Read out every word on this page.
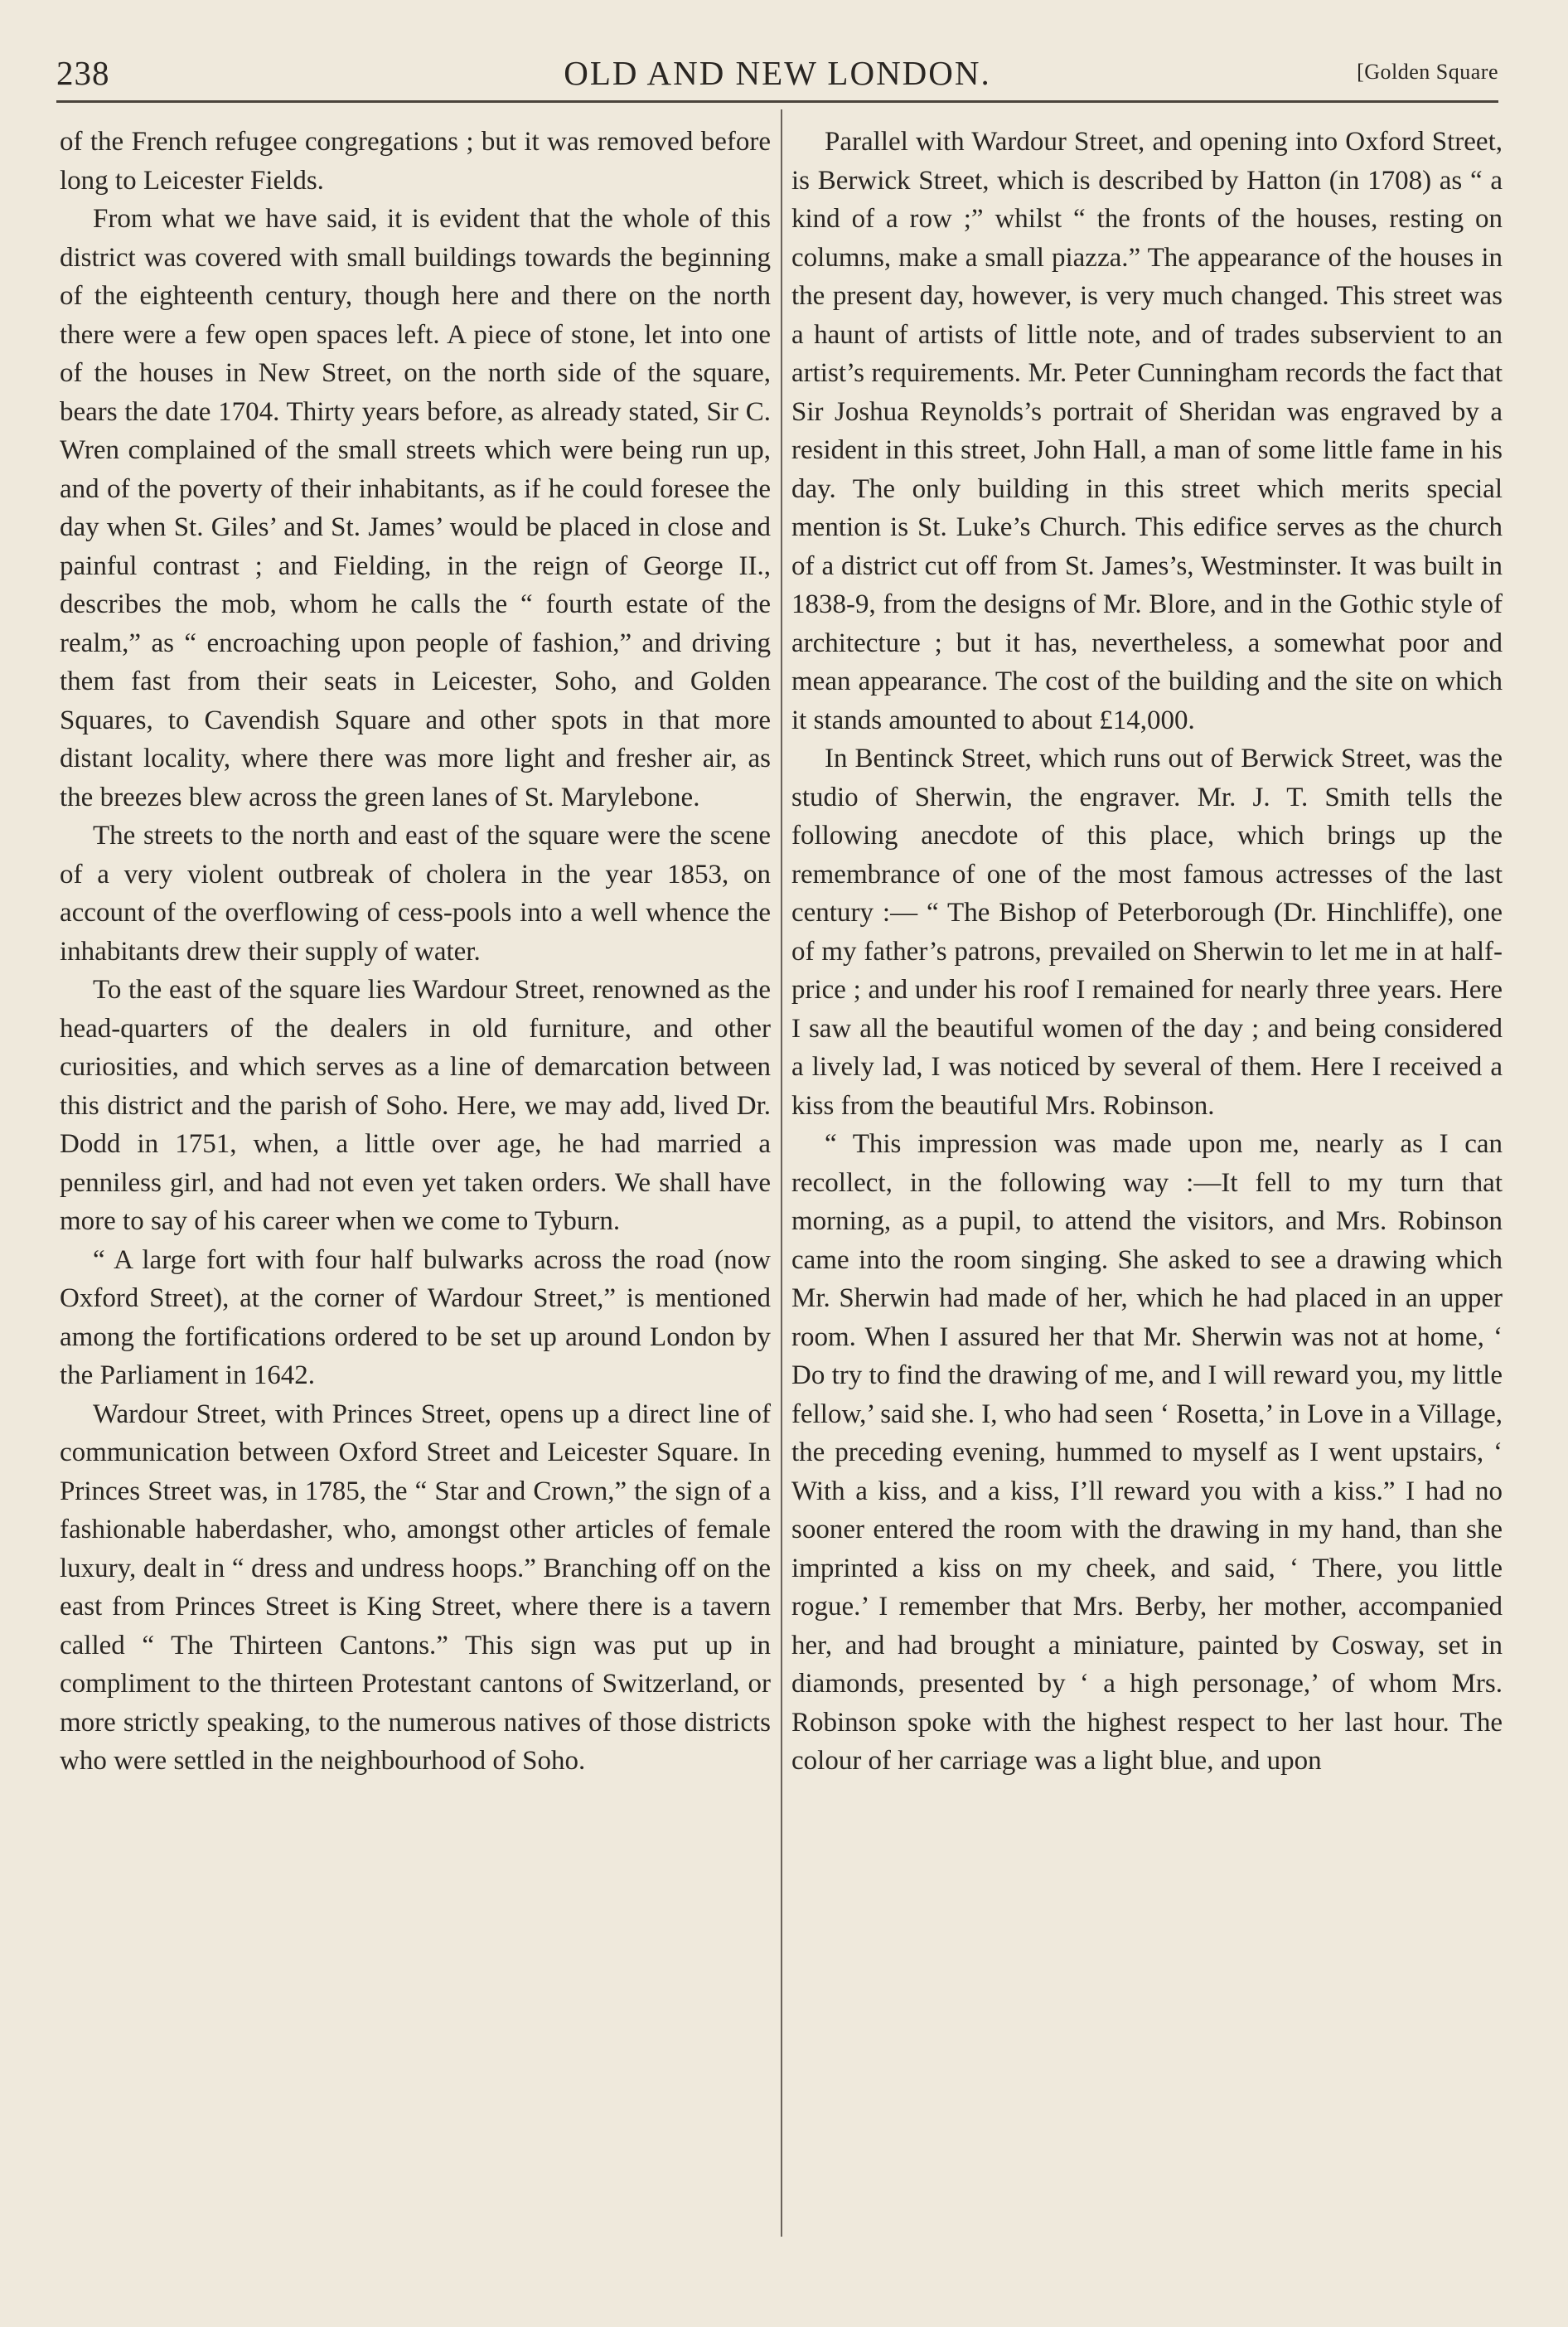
238	OLD AND NEW LONDON.	[Golden Square

of the French refugee congregations ; but it was removed before long to Leicester Fields.

From what we have said, it is evident that the whole of this district was covered with small buildings towards the beginning of the eighteenth century, though here and there on the north there were a few open spaces left. A piece of stone, let into one of the houses in New Street, on the north side of the square, bears the date 1704. Thirty years before, as already stated, Sir C. Wren complained of the small streets which were being run up, and of the poverty of their inhabitants, as if he could foresee the day when St. Giles’ and St. James’ would be placed in close and painful contrast ; and Fielding, in the reign of George II., describes the mob, whom he calls the “ fourth estate of the realm,” as “ encroaching upon people of fashion,” and driving them fast from their seats in Leicester, Soho, and Golden Squares, to Cavendish Square and other spots in that more distant locality, where there was more light and fresher air, as the breezes blew across the green lanes of St. Marylebone.

The streets to the north and east of the square were the scene of a very violent outbreak of cholera in the year 1853, on account of the overflowing of cess-pools into a well whence the inhabitants drew their supply of water.

To the east of the square lies Wardour Street, renowned as the head-quarters of the dealers in old furniture, and other curiosities, and which serves as a line of demarcation between this district and the parish of Soho. Here, we may add, lived Dr. Dodd in 1751, when, a little over age, he had married a penniless girl, and had not even yet taken orders. We shall have more to say of his career when we come to Tyburn.

“ A large fort with four half bulwarks across the road (now Oxford Street), at the corner of Wardour Street,” is mentioned among the fortifications ordered to be set up around London by the Parliament in 1642.

Wardour Street, with Princes Street, opens up a direct line of communication between Oxford Street and Leicester Square. In Princes Street was, in 1785, the “ Star and Crown,” the sign of a fashionable haberdasher, who, amongst other articles of female luxury, dealt in “ dress and undress hoops.” Branching off on the east from Princes Street is King Street, where there is a tavern called “ The Thirteen Cantons.” This sign was put up in compliment to the thirteen Protestant cantons of Switzerland, or more strictly speaking, to the numerous natives of those districts who were settled in the neighbourhood of Soho.

Parallel with Wardour Street, and opening into Oxford Street, is Berwick Street, which is described by Hatton (in 1708) as “ a kind of a row ;” whilst “ the fronts of the houses, resting on columns, make a small piazza.” The appearance of the houses in the present day, however, is very much changed. This street was a haunt of artists of little note, and of trades subservient to an artist’s requirements. Mr. Peter Cunningham records the fact that Sir Joshua Reynolds’s portrait of Sheridan was engraved by a resident in this street, John Hall, a man of some little fame in his day. The only building in this street which merits special mention is St. Luke’s Church. This edifice serves as the church of a district cut off from St. James’s, Westminster. It was built in 1838-9, from the designs of Mr. Blore, and in the Gothic style of architecture ; but it has, nevertheless, a somewhat poor and mean appearance. The cost of the building and the site on which it stands amounted to about £14,000.

In Bentinck Street, which runs out of Berwick Street, was the studio of Sherwin, the engraver. Mr. J. T. Smith tells the following anecdote of this place, which brings up the remembrance of one of the most famous actresses of the last century :— “ The Bishop of Peterborough (Dr. Hinchliffe), one of my father’s patrons, prevailed on Sherwin to let me in at half-price ; and under his roof I remained for nearly three years. Here I saw all the beautiful women of the day ; and being considered a lively lad, I was noticed by several of them. Here I received a kiss from the beautiful Mrs. Robinson.

“ This impression was made upon me, nearly as I can recollect, in the following way :—It fell to my turn that morning, as a pupil, to attend the visitors, and Mrs. Robinson came into the room singing. She asked to see a drawing which Mr. Sherwin had made of her, which he had placed in an upper room. When I assured her that Mr. Sherwin was not at home, ‘ Do try to find the drawing of me, and I will reward you, my little fellow,’ said she. I, who had seen ‘ Rosetta,’ in Love in a Village, the preceding evening, hummed to myself as I went upstairs, ‘ With a kiss, and a kiss, I’ll reward you with a kiss.” I had no sooner entered the room with the drawing in my hand, than she imprinted a kiss on my cheek, and said, ‘ There, you little rogue.’ I remember that Mrs. Berby, her mother, accompanied her, and had brought a miniature, painted by Cosway, set in diamonds, presented by ‘ a high personage,’ of whom Mrs. Robinson spoke with the highest respect to her last hour. The colour of her carriage was a light blue, and upon
